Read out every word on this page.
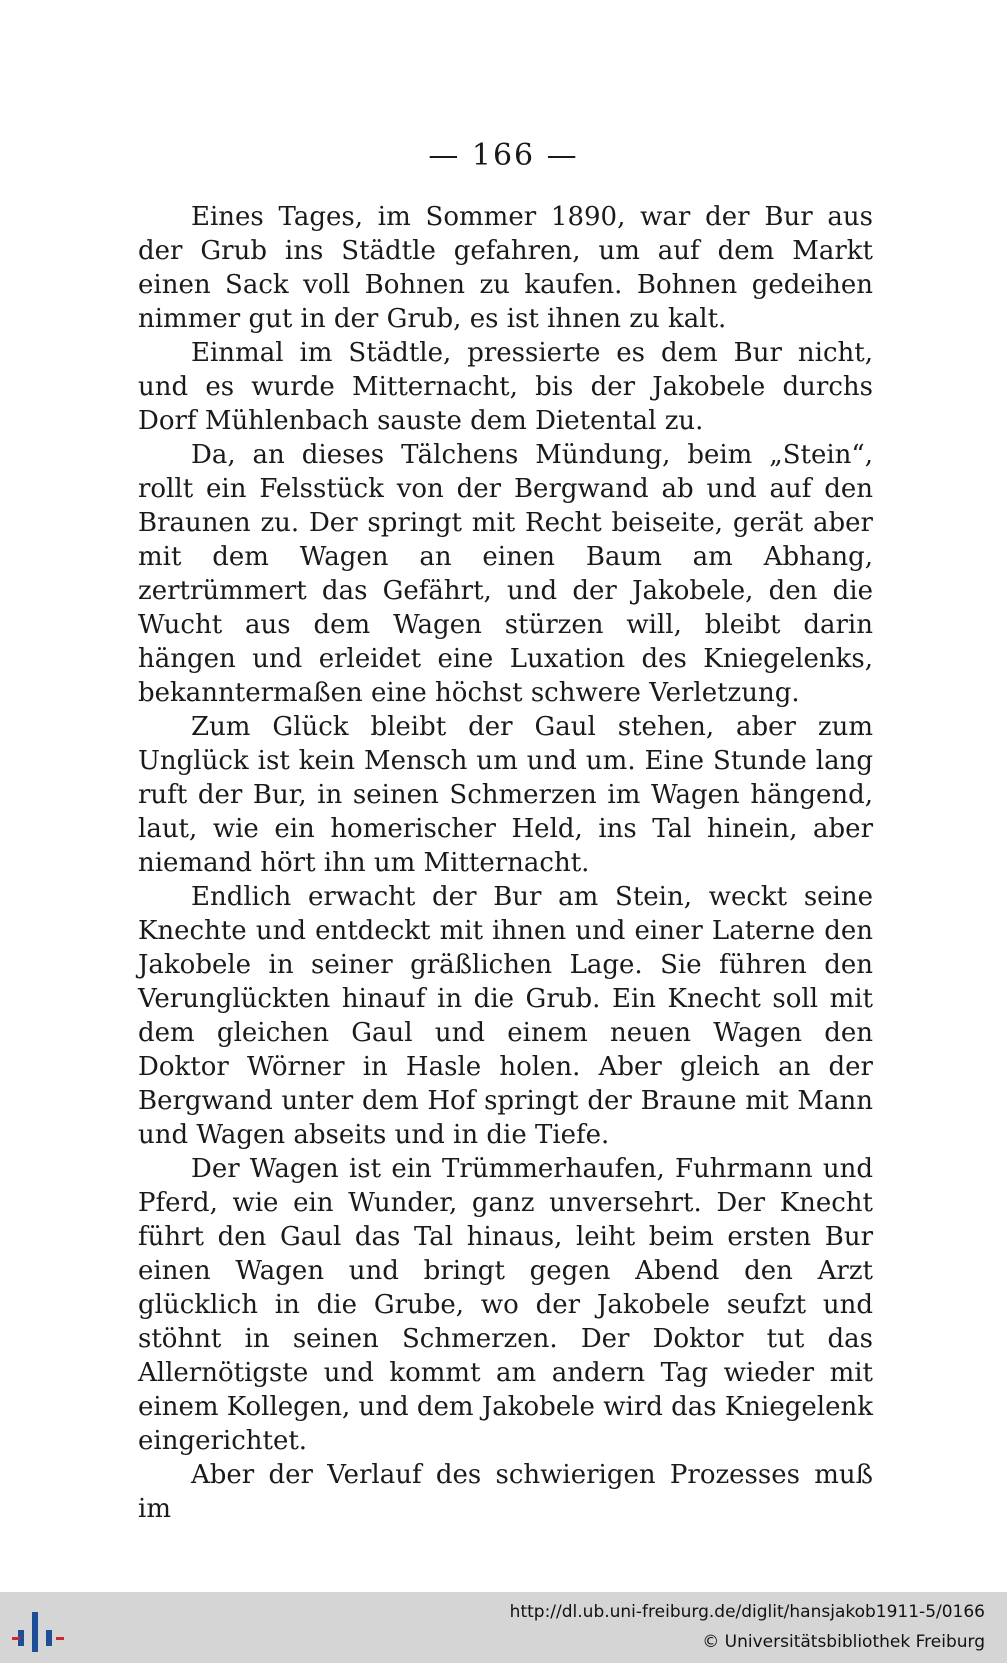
— 166 —

Eines Tages, im Sommer 1890, war der Bur aus der Grub ins Städtle gefahren, um auf dem Markt einen Sack voll Bohnen zu kaufen. Bohnen gedeihen nimmer gut in der Grub, es ist ihnen zu kalt.

Einmal im Städtle, pressierte es dem Bur nicht, und es wurde Mitternacht, bis der Jakobele durchs Dorf Mühlenbach sauste dem Dietental zu.

Da, an dieses Tälchens Mündung, beim „Stein“, rollt ein Felsstück von der Bergwand ab und auf den Braunen zu. Der springt mit Recht beiseite, gerät aber mit dem Wagen an einen Baum am Abhang, zertrümmert das Gefährt, und der Jakobele, den die Wucht aus dem Wagen stürzen will, bleibt darin hängen und erleidet eine Luxation des Kniegelenks, bekanntermaßen eine höchst schwere Verletzung.

Zum Glück bleibt der Gaul stehen, aber zum Unglück ist kein Mensch um und um. Eine Stunde lang ruft der Bur, in seinen Schmerzen im Wagen hängend, laut, wie ein homerischer Held, ins Tal hinein, aber niemand hört ihn um Mitternacht.

Endlich erwacht der Bur am Stein, weckt seine Knechte und entdeckt mit ihnen und einer Laterne den Jakobele in seiner gräßlichen Lage. Sie führen den Verunglückten hinauf in die Grub. Ein Knecht soll mit dem gleichen Gaul und einem neuen Wagen den Doktor Wörner in Hasle holen. Aber gleich an der Bergwand unter dem Hof springt der Braune mit Mann und Wagen abseits und in die Tiefe.

Der Wagen ist ein Trümmerhaufen, Fuhrmann und Pferd, wie ein Wunder, ganz unversehrt. Der Knecht führt den Gaul das Tal hinaus, leiht beim ersten Bur einen Wagen und bringt gegen Abend den Arzt glücklich in die Grube, wo der Jakobele seufzt und stöhnt in seinen Schmerzen. Der Doktor tut das Allernötigste und kommt am andern Tag wieder mit einem Kollegen, und dem Jakobele wird das Kniegelenk eingerichtet.

Aber der Verlauf des schwierigen Prozesses muß im

http://dl.ub.uni-freiburg.de/diglit/hansjakob1911-5/0166
© Universitätsbibliothek Freiburg
